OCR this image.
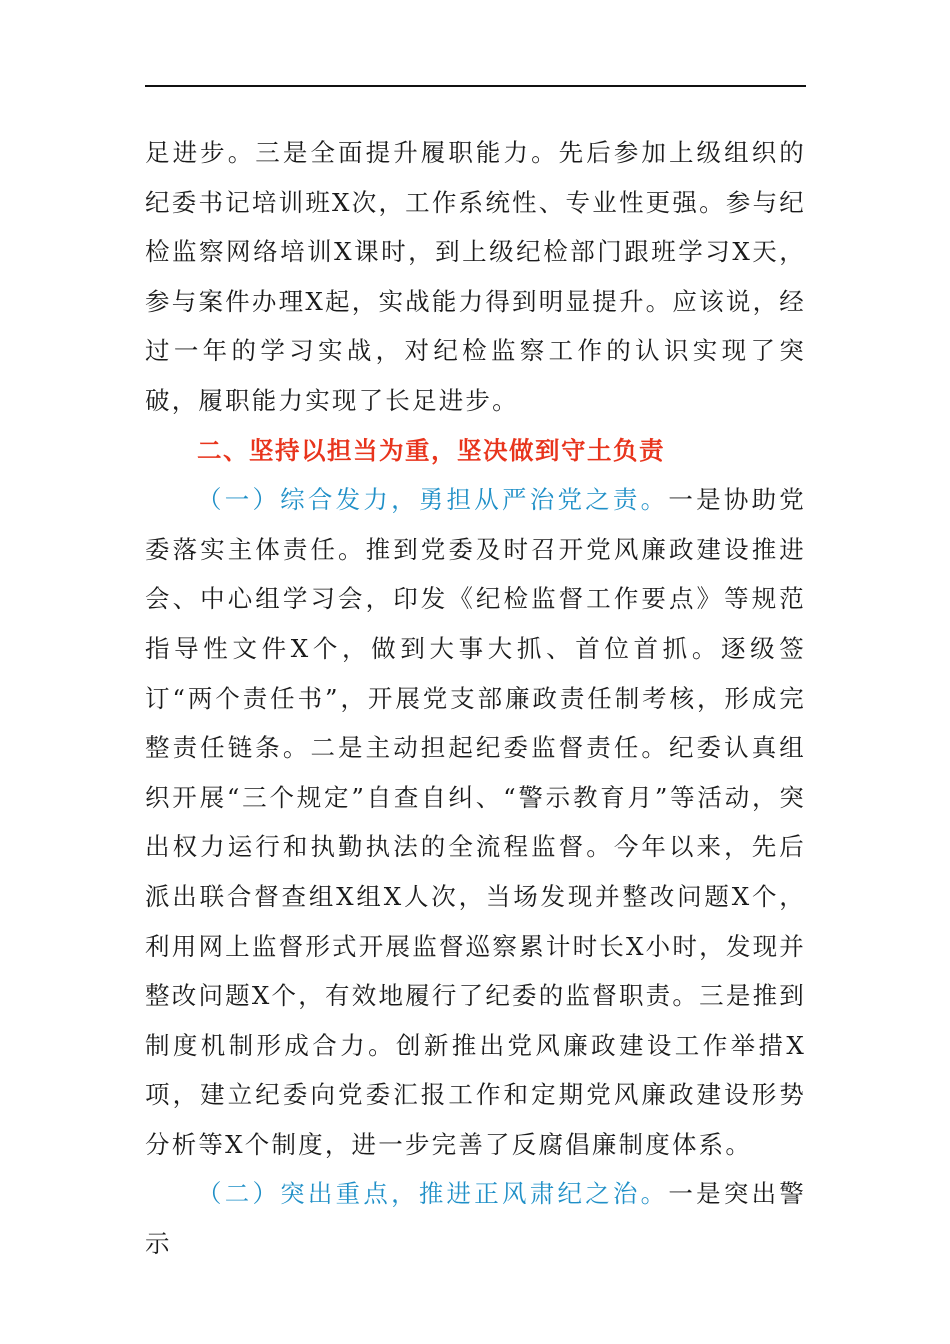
足进步。三是全面提升履职能力。先后参加上级组织的纪委书记培训班X次，工作系统性、专业性更强。参与纪检监察网络培训X课时，到上级纪检部门跟班学习X天，参与案件办理X起，实战能力得到明显提升。应该说，经过一年的学习实战，对纪检监察工作的认识实现了突破，履职能力实现了长足进步。

二、坚持以担当为重，坚决做到守土负责

（一）综合发力，勇担从严治党之责。一是协助党委落实主体责任。推到党委及时召开党风廉政建设推进会、中心组学习会，印发《纪检监督工作要点》等规范指导性文件X个，做到大事大抓、首位首抓。逐级签订“两个责任书”，开展党支部廉政责任制考核，形成完整责任链条。二是主动担起纪委监督责任。纪委认真组织开展“三个规定”自查自纠、“警示教育月”等活动，突出权力运行和执勤执法的全流程监督。今年以来，先后派出联合督查组X组X人次，当场发现并整改问题X个，利用网上监督形式开展监督巡察累计时长X小时，发现并整改问题X个，有效地履行了纪委的监督职责。三是推到制度机制形成合力。创新推出党风廉政建设工作举措X项，建立纪委向党委汇报工作和定期党风廉政建设形势分析等X个制度，进一步完善了反腐倡廉制度体系。

（二）突出重点，推进正风肃纪之治。一是突出警示
